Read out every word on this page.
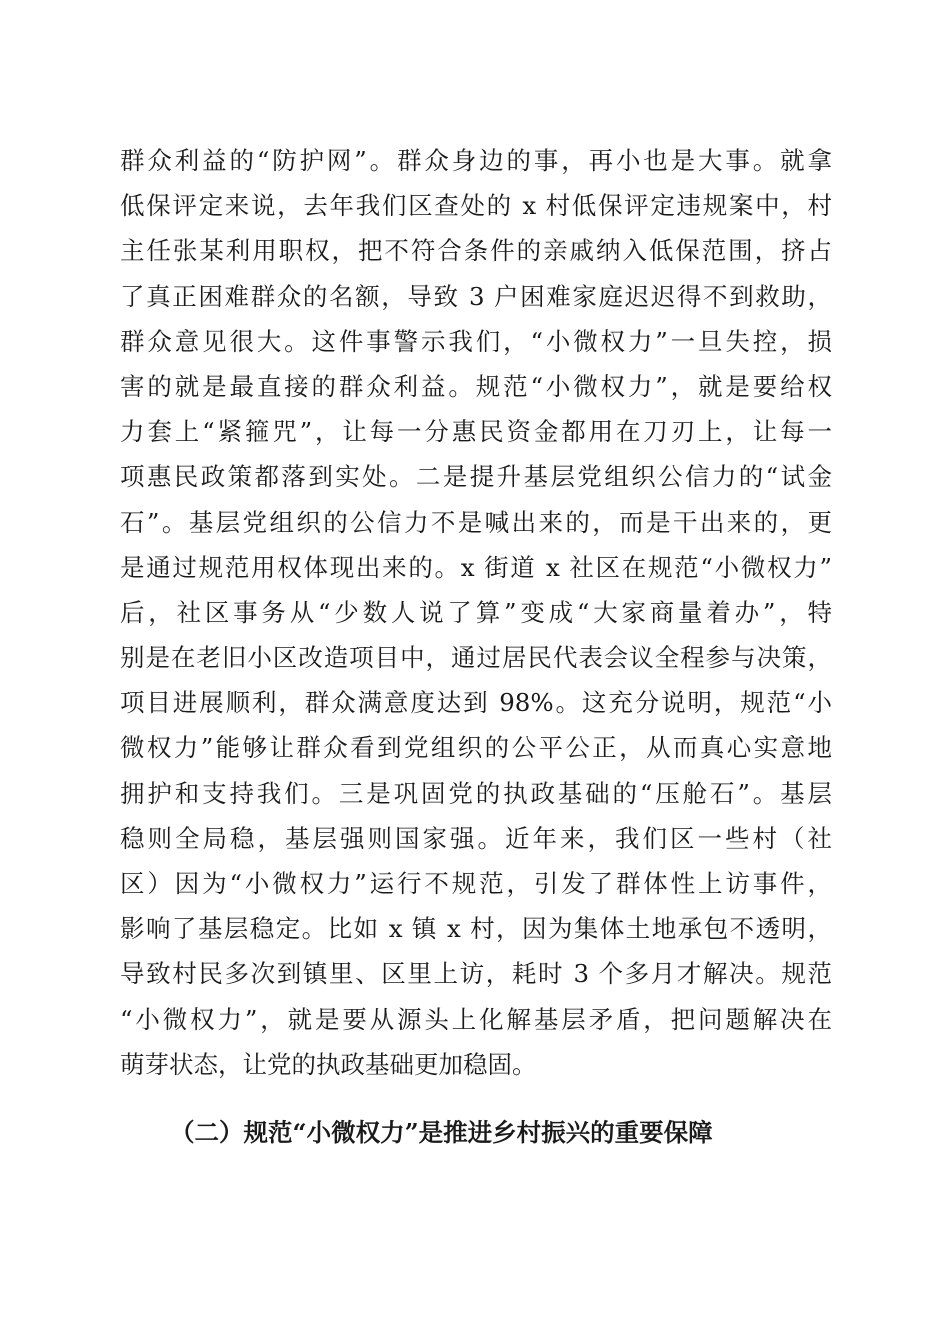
群众利益的“防护网”。群众身边的事，再小也是大事。就拿
低保评定来说，去年我们区查处的 x 村低保评定违规案中，村
主任张某利用职权，把不符合条件的亲戚纳入低保范围，挤占
了真正困难群众的名额，导致 3 户困难家庭迟迟得不到救助，
群众意见很大。这件事警示我们，“小微权力”一旦失控，损
害的就是最直接的群众利益。规范“小微权力”，就是要给权
力套上“紧箍咒”，让每一分惠民资金都用在刀刃上，让每一
项惠民政策都落到实处。二是提升基层党组织公信力的“试金
石”。基层党组织的公信力不是喊出来的，而是干出来的，更
是通过规范用权体现出来的。x 街道 x 社区在规范“小微权力”
后，社区事务从“少数人说了算”变成“大家商量着办”，特
别是在老旧小区改造项目中，通过居民代表会议全程参与决策，
项目进展顺利，群众满意度达到 98%。这充分说明，规范“小
微权力”能够让群众看到党组织的公平公正，从而真心实意地
拥护和支持我们。三是巩固党的执政基础的“压舱石”。基层
稳则全局稳，基层强则国家强。近年来，我们区一些村（社
区）因为“小微权力”运行不规范，引发了群体性上访事件，
影响了基层稳定。比如 x 镇 x 村，因为集体土地承包不透明，
导致村民多次到镇里、区里上访，耗时 3 个多月才解决。规范
“小微权力”，就是要从源头上化解基层矛盾，把问题解决在
萌芽状态，让党的执政基础更加稳固。
（二）规范“小微权力”是推进乡村振兴的重要保障
